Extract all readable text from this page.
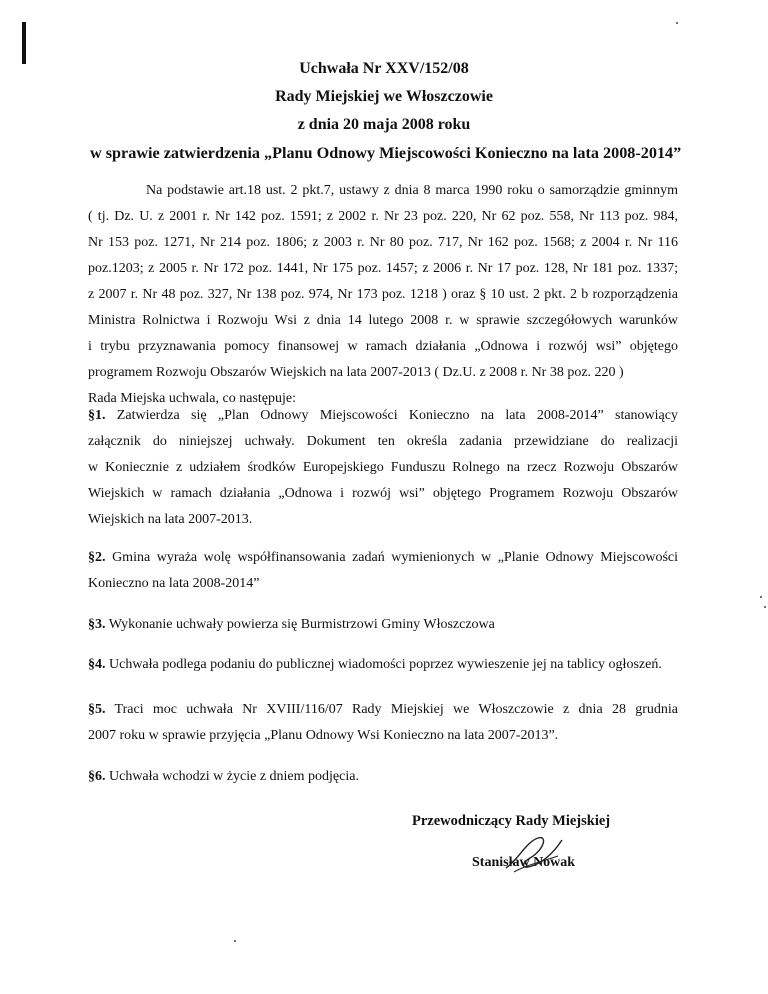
Uchwała Nr XXV/152/08
Rady Miejskiej we Włoszczowie
z dnia 20 maja 2008 roku
w sprawie zatwierdzenia „Planu Odnowy Miejscowości Konieczno na lata 2008-2014”
Na podstawie art.18 ust. 2 pkt.7, ustawy z dnia 8 marca 1990 roku o samorządzie gminnym
( tj. Dz. U. z 2001 r. Nr 142 poz. 1591; z 2002 r. Nr 23 poz. 220, Nr 62 poz. 558, Nr 113 poz. 984,
Nr 153 poz. 1271, Nr 214 poz. 1806; z 2003 r. Nr 80 poz. 717, Nr 162 poz. 1568; z 2004 r. Nr 116
poz.1203; z 2005 r. Nr 172 poz. 1441, Nr 175 poz. 1457; z 2006 r. Nr 17 poz. 128, Nr 181 poz. 1337;
z 2007 r. Nr 48 poz. 327, Nr 138 poz. 974, Nr 173 poz. 1218 ) oraz § 10 ust. 2 pkt. 2 b rozporządzenia
Ministra Rolnictwa i Rozwoju Wsi z dnia 14 lutego 2008 r. w sprawie szczegółowych warunków
i trybu przyznawania pomocy finansowej w ramach działania „Odnowa i rozwój wsi” objętego
programem Rozwoju Obszarów Wiejskich na lata 2007-2013 ( Dz.U. z 2008 r. Nr 38 poz. 220 )
Rada Miejska uchwala, co następuje:
§1. Zatwierdza się „Plan Odnowy Miejscowości Konieczno na lata 2008-2014” stanowiący
załącznik do niniejszej uchwały. Dokument ten określa zadania przewidziane do realizacji
w Koniecznie z udziałem środków Europejskiego Funduszu Rolnego na rzecz Rozwoju Obszarów
Wiejskich w ramach działania „Odnowa i rozwój wsi” objętego Programem Rozwoju Obszarów
Wiejskich na lata 2007-2013.
§2. Gmina wyraża wolę współfinansowania zadań wymienionych w „Planie Odnowy Miejscowości
Konieczno na lata 2008-2014”
§3. Wykonanie uchwały powierza się Burmistrzowi Gminy Włoszczowa
§4. Uchwała podlega podaniu do publicznej wiadomości poprzez wywieszenie jej na tablicy ogłoszeń.
§5. Traci moc uchwała Nr XVIII/116/07 Rady Miejskiej we Włoszczowie z dnia 28 grudnia
2007 roku w sprawie przyjęcia „Planu Odnowy Wsi Konieczno na lata 2007-2013”.
§6. Uchwała wchodzi w życie z dniem podjęcia.
Przewodniczący Rady Miejskiej
Stanisław Nowak
